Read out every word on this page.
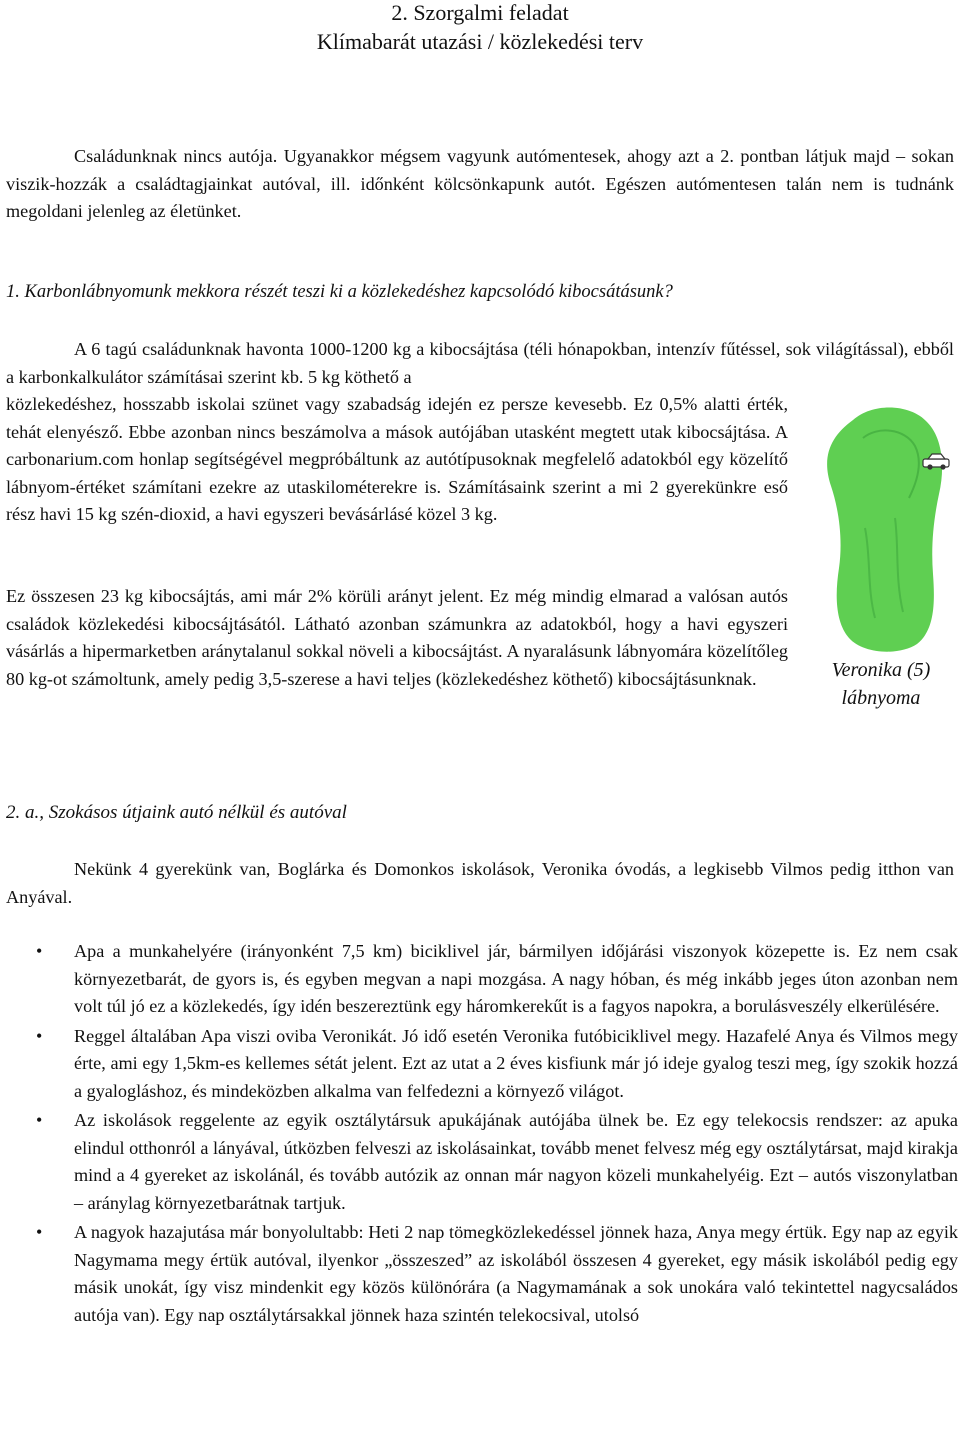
2. Szorgalmi feladat
Klímabarát utazási / közlekedési terv

Családunknak nincs autója. Ugyanakkor mégsem vagyunk autómentesek, ahogy azt a 2. pontban látjuk majd – sokan viszik-hozzák a családtagjainkat autóval, ill. időnként kölcsönkapunk autót. Egészen autómentesen talán nem is tudnánk megoldani jelenleg az életünket.

1. Karbonlábnyomunk mekkora részét teszi ki a közlekedéshez kapcsolódó kibocsátásunk?

A 6 tagú családunknak havonta 1000-1200 kg a kibocsájtása (téli hónapokban, intenzív fűtéssel, sok világítással), ebből a karbonkalkulátor számításai szerint kb. 5 kg köthető a

közlekedéshez, hosszabb iskolai szünet vagy szabadság idején ez persze kevesebb. Ez 0,5% alatti érték, tehát elenyésző. Ebbe azonban nincs beszámolva a mások autójában utasként megtett utak kibocsájtása. A carbonarium.com honlap segítségével megpróbáltunk az autótípusoknak megfelelő adatokból egy közelítő lábnyom-értéket számítani ezekre az utaskilométerekre is. Számításaink szerint a mi 2 gyerekünkre eső rész havi 15 kg szén-dioxid, a havi egyszeri bevásárlásé közel 3 kg.

Ez összesen 23 kg kibocsájtás, ami már 2% körüli arányt jelent. Ez még mindig elmarad a valósan autós családok közlekedési kibocsájtásától. Látható azonban számunkra az adatokból, hogy a havi egyszeri vásárlás a hipermarketben aránytalanul sokkal növeli a kibocsájtást. A nyaralásunk lábnyomára közelítőleg 80 kg-ot számoltunk, amely pedig 3,5-szerese a havi teljes (közlekedéshez köthető) kibocsájtásunknak.	Veronika (5)
lábnyoma
2. a., Szokásos útjaink autó nélkül és autóval

Nekünk 4 gyerekünk van, Boglárka és Domonkos iskolások, Veronika óvodás, a legkisebb Vilmos pedig itthon van Anyával.

• Apa a munkahelyére (irányonként 7,5 km) biciklivel jár, bármilyen időjárási viszonyok közepette is. Ez nem csak környezetbarát, de gyors is, és egyben megvan a napi mozgása. A nagy hóban, és még inkább jeges úton azonban nem volt túl jó ez a közlekedés, így idén beszereztünk egy háromkerekűt is a fagyos napokra, a borulásveszély elkerülésére.
• Reggel általában Apa viszi oviba Veronikát. Jó idő esetén Veronika futóbiciklivel megy. Hazafelé Anya és Vilmos megy érte, ami egy 1,5km-es kellemes sétát jelent. Ezt az utat a 2 éves kisfiunk már jó ideje gyalog teszi meg, így szokik hozzá a gyalogláshoz, és mindeközben alkalma van felfedezni a környező világot.
• Az iskolások reggelente az egyik osztálytársuk apukájának autójába ülnek be. Ez egy telekocsis rendszer: az apuka elindul otthonról a lányával, útközben felveszi az iskolásainkat, tovább menet felvesz még egy osztálytársat, majd kirakja mind a 4 gyereket az iskolánál, és tovább autózik az onnan már nagyon közeli munkahelyéig. Ezt – autós viszonylatban – aránylag környezetbarátnak tartjuk.
• A nagyok hazajutása már bonyolultabb: Heti 2 nap tömegközlekedéssel jönnek haza, Anya megy értük. Egy nap az egyik Nagymama megy értük autóval, ilyenkor „összeszed” az iskolából összesen 4 gyereket, egy másik iskolából pedig egy másik unokát, így visz mindenkit egy közös különórára (a Nagymamának a sok unokára való tekintettel nagycsaládos autója van). Egy nap osztálytársakkal jönnek haza szintén telekocsival, utolsó
